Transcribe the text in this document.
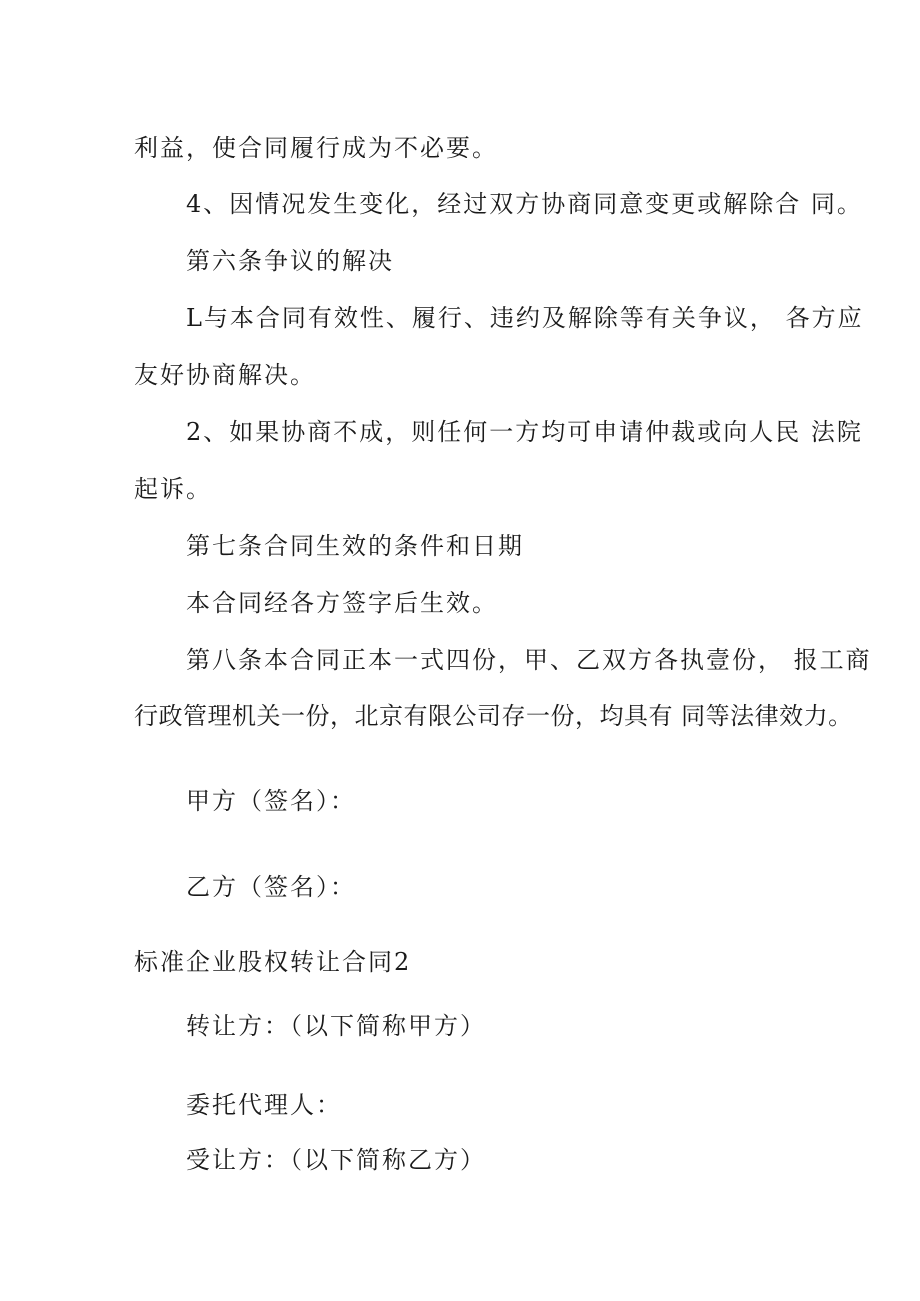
利益，使合同履行成为不必要。
4、因情况发生变化，经过双方协商同意变更或解除合 同。
第六条争议的解决
L与本合同有效性、履行、违约及解除等有关争议， 各方应
友好协商解决。
2、如果协商不成，则任何一方均可申请仲裁或向人民 法院
起诉。
第七条合同生效的条件和日期
本合同经各方签字后生效。
第八条本合同正本一式四份，甲、乙双方各执壹份， 报工商
行政管理机关一份，北京有限公司存一份，均具有 同等法律效力。
甲方（签名）：
乙方（签名）：
标准企业股权转让合同2
转让方：（以下简称甲方）
委托代理人：
受让方：（以下简称乙方）
